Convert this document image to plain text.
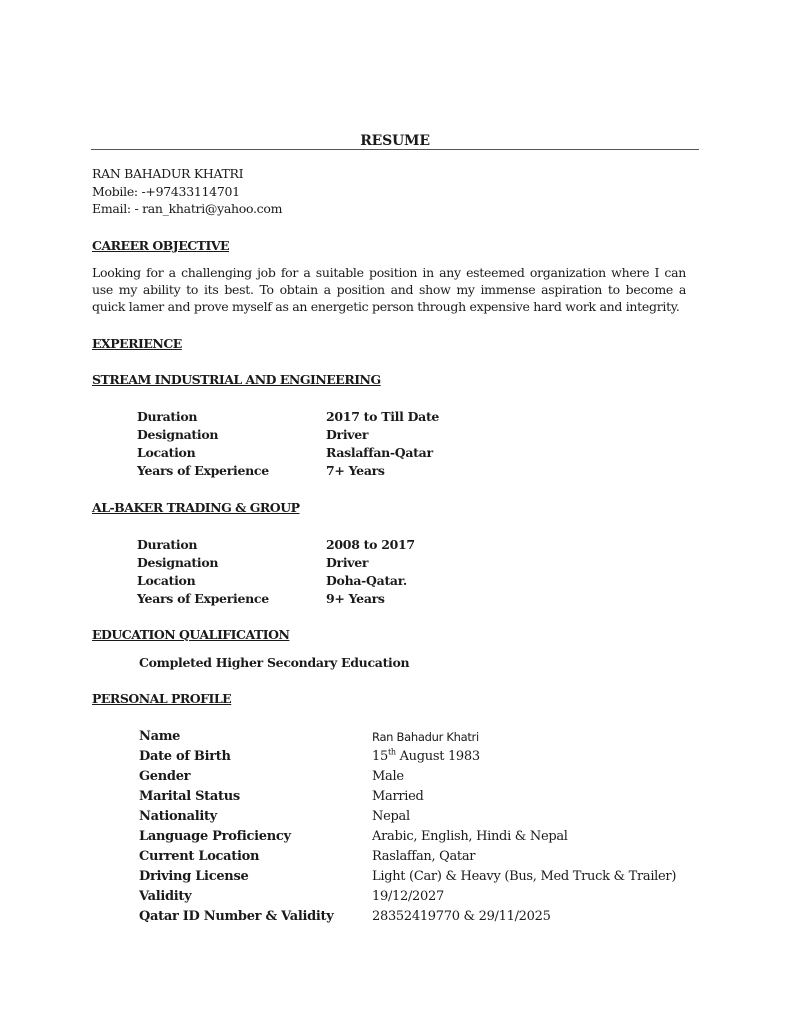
RESUME
RAN BAHADUR KHATRI
Mobile: -+97433114701
Email: - ran_khatri@yahoo.com
CAREER OBJECTIVE
Looking for a challenging job for a suitable position in any esteemed organization where I can use my ability to its best. To obtain a position and show my immense aspiration to become a quick lamer and prove myself as an energetic person through expensive hard work and integrity.
EXPERIENCE
STREAM INDUSTRIAL AND ENGINEERING
Duration	2017 to Till Date
Designation	Driver
Location	Raslaffan-Qatar
Years of Experience	7+ Years
AL-BAKER TRADING & GROUP
Duration	2008 to 2017
Designation	Driver
Location	Doha-Qatar.
Years of Experience	9+ Years
EDUCATION QUALIFICATION
Completed Higher Secondary Education
PERSONAL PROFILE
Name	Ran Bahadur Khatri
Date of Birth	15th August 1983
Gender	Male
Marital Status	Married
Nationality	Nepal
Language Proficiency	Arabic, English, Hindi & Nepal
Current Location	Raslaffan, Qatar
Driving License	Light (Car) & Heavy (Bus, Med Truck & Trailer)
Validity	19/12/2027
Qatar ID Number & Validity	28352419770 & 29/11/2025
